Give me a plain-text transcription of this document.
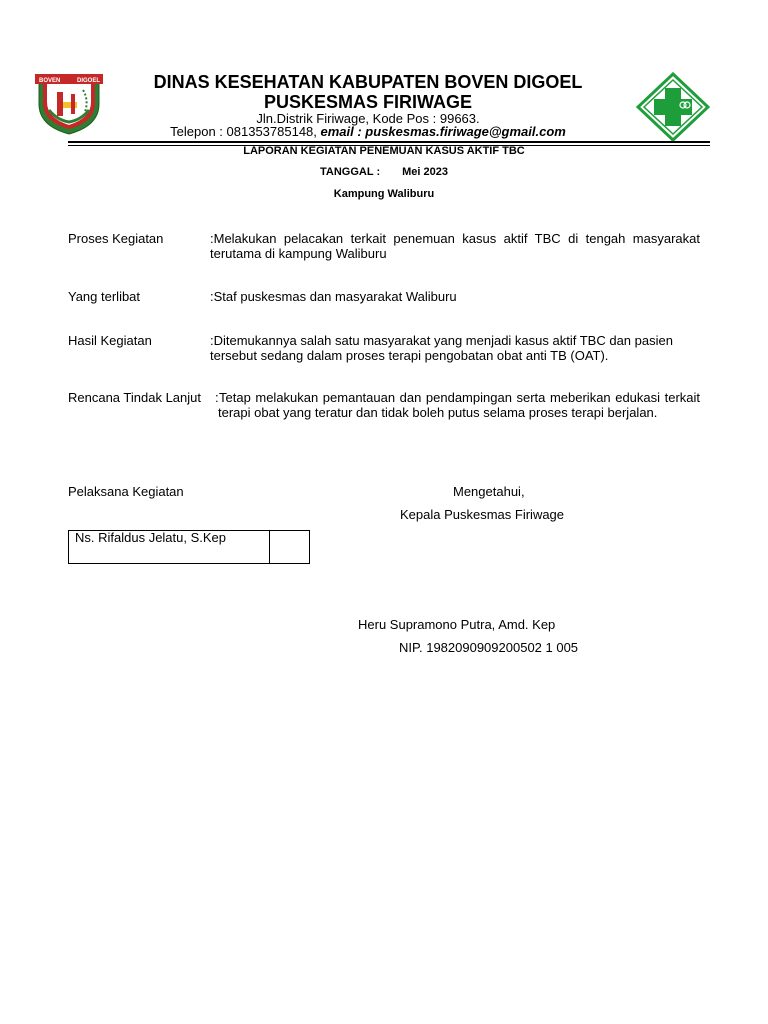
BOVEN	DIGOEL	DINAS KESEHATAN KABUPATEN BOVEN DIGOEL
PUSKESMAS FIRIWAGE
Jln.Distrik Firiwage, Kode Pos : 99663.
Telepon : 081353785148, email : puskesmas.firiwage@gmail.com
LAPORAN KEGIATAN PENEMUAN KASUS AKTIF TBC
TANGGAL : Mei 2023
Kampung Waliburu
Proses Kegiatan	:Melakukan pelacakan terkait penemuan kasus aktif TBC di tengah masyarakat terutama di kampung Waliburu
Yang terlibat	:Staf puskesmas dan masyarakat Waliburu
Hasil Kegiatan	:Ditemukannya salah satu masyarakat yang menjadi kasus aktif TBC dan pasien tersebut sedang dalam proses terapi pengobatan obat anti TB (OAT).
Rencana Tindak Lanjut : Tetap melakukan pemantauan dan pendampingan serta meberikan edukasi terkait terapi obat yang teratur dan tidak boleh putus selama proses terapi berjalan.
Pelaksana Kegiatan	Mengetahui,
Kepala Puskesmas Firiwage
Ns. Rifaldus Jelatu, S.Kep
Heru Supramono Putra, Amd. Kep
NIP. 1982090909200502 1 005
